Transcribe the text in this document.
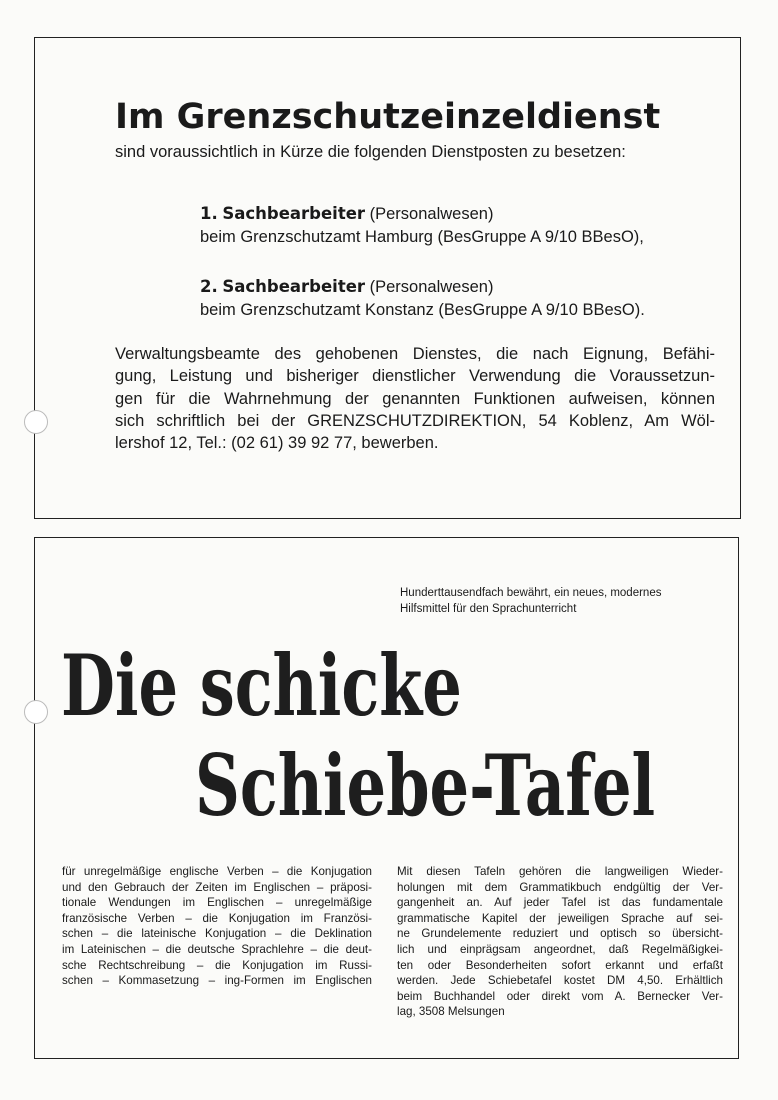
Im Grenzschutzeinzeldienst
sind voraussichtlich in Kürze die folgenden Dienstposten zu besetzen:
1. Sachbearbeiter (Personalwesen)
beim Grenzschutzamt Hamburg (BesGruppe A 9/10 BBesO),
2. Sachbearbeiter (Personalwesen)
beim Grenzschutzamt Konstanz (BesGruppe A 9/10 BBesO).
Verwaltungsbeamte des gehobenen Dienstes, die nach Eignung, Befähi-
gung, Leistung und bisheriger dienstlicher Verwendung die Voraussetzun-
gen für die Wahrnehmung der genannten Funktionen aufweisen, können
sich schriftlich bei der GRENZSCHUTZDIREKTION, 54 Koblenz, Am Wöl-
lershof 12, Tel.: (02 61) 39 92 77, bewerben.
Hunderttausendfach bewährt, ein neues, modernes
Hilfsmittel für den Sprachunterricht
Die schicke
Schiebe-Tafel
für unregelmäßige englische Verben – die Konjugation
und den Gebrauch der Zeiten im Englischen – präposi-
tionale Wendungen im Englischen – unregelmäßige
französische Verben – die Konjugation im Französi-
schen – die lateinische Konjugation – die Deklination
im Lateinischen – die deutsche Sprachlehre – die deut-
sche Rechtschreibung – die Konjugation im Russi-
schen – Kommasetzung – ing-Formen im Englischen
Mit diesen Tafeln gehören die langweiligen Wieder-
holungen mit dem Grammatikbuch endgültig der Ver-
gangenheit an. Auf jeder Tafel ist das fundamentale
grammatische Kapitel der jeweiligen Sprache auf sei-
ne Grundelemente reduziert und optisch so übersicht-
lich und einprägsam angeordnet, daß Regelmäßigkei-
ten oder Besonderheiten sofort erkannt und erfaßt
werden. Jede Schiebetafel kostet DM 4,50. Erhältlich
beim Buchhandel oder direkt vom A. Bernecker Ver-
lag, 3508 Melsungen
